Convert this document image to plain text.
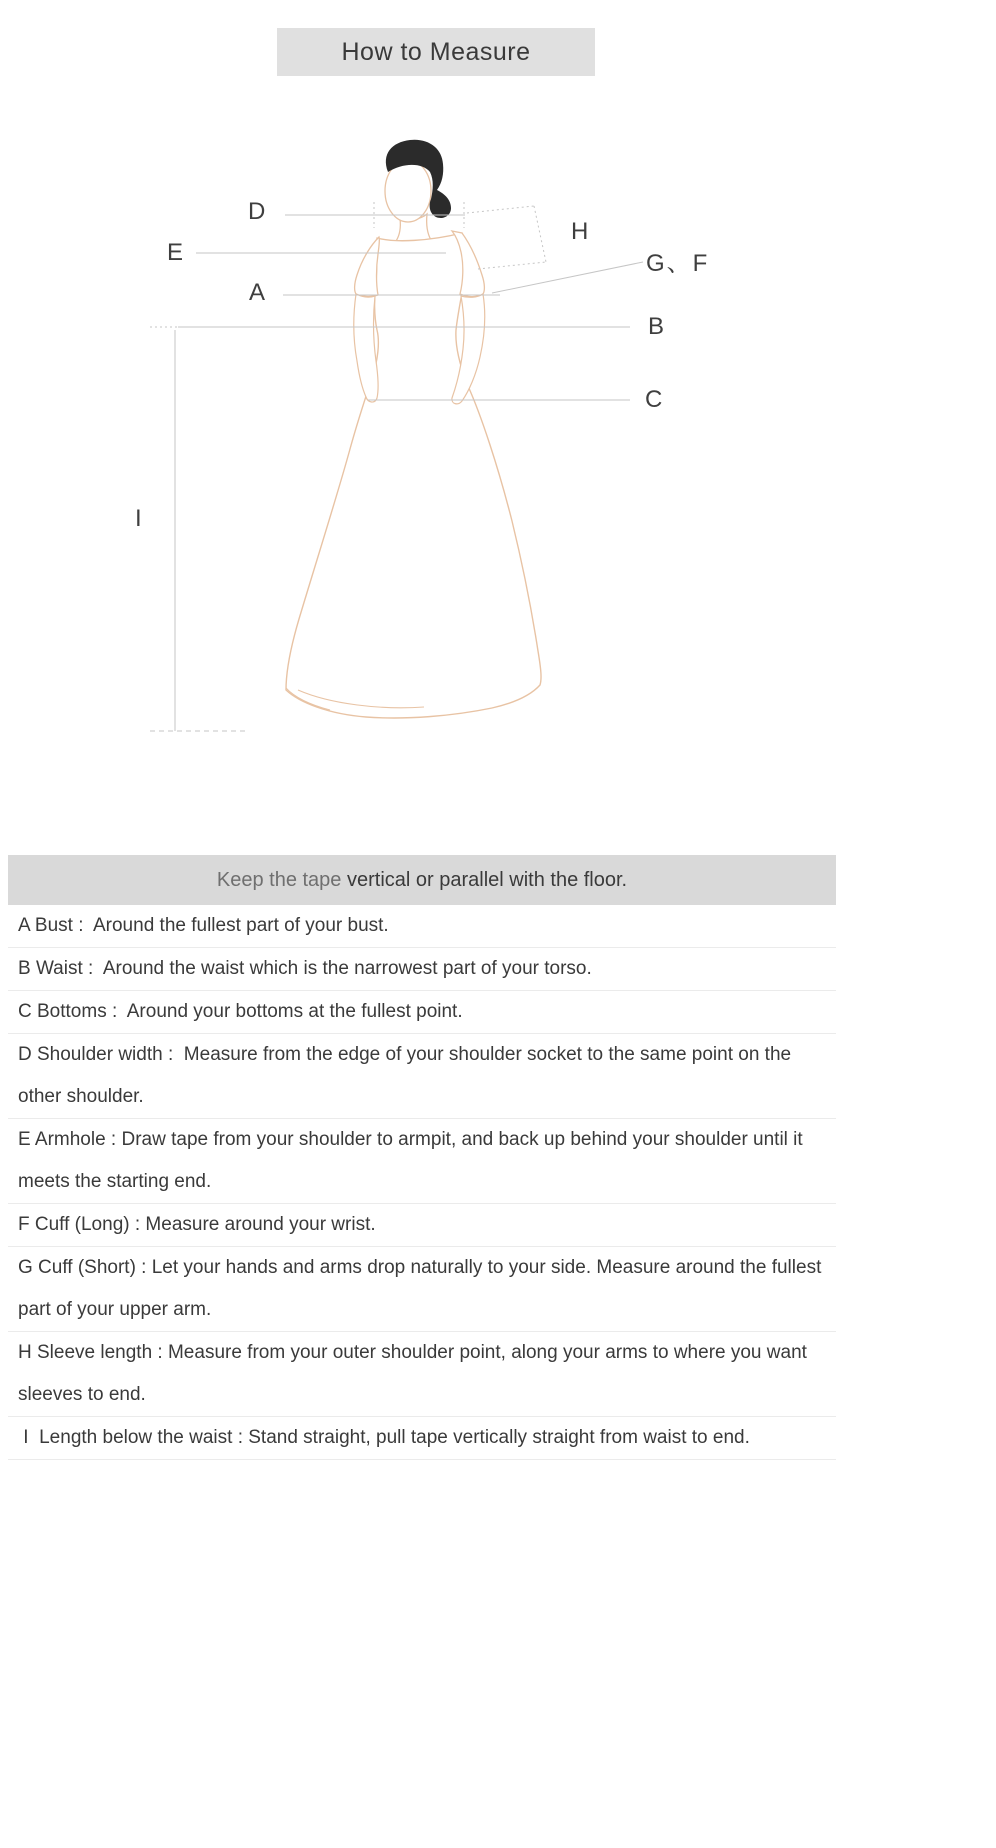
How to Measure
D
E
A
H
G、F
B
C
I
Keep the tape vertical or parallel with the floor.
A Bust :  Around the fullest part of your bust.
B Waist :  Around the waist which is the narrowest part of your torso.
C Bottoms :  Around your bottoms at the fullest point.
D Shoulder width :  Measure from the edge of your shoulder socket to the same point on the other shoulder.
E Armhole : Draw tape from your shoulder to armpit, and back up behind your shoulder until it meets the starting end.
F Cuff (Long) : Measure around your wrist.
G Cuff (Short) : Let your hands and arms drop naturally to your side. Measure around the fullest part of your upper arm.
H Sleeve length : Measure from your outer shoulder point, along your arms to where you want sleeves to end.
I  Length below the waist : Stand straight, pull tape vertically straight from waist to end.
